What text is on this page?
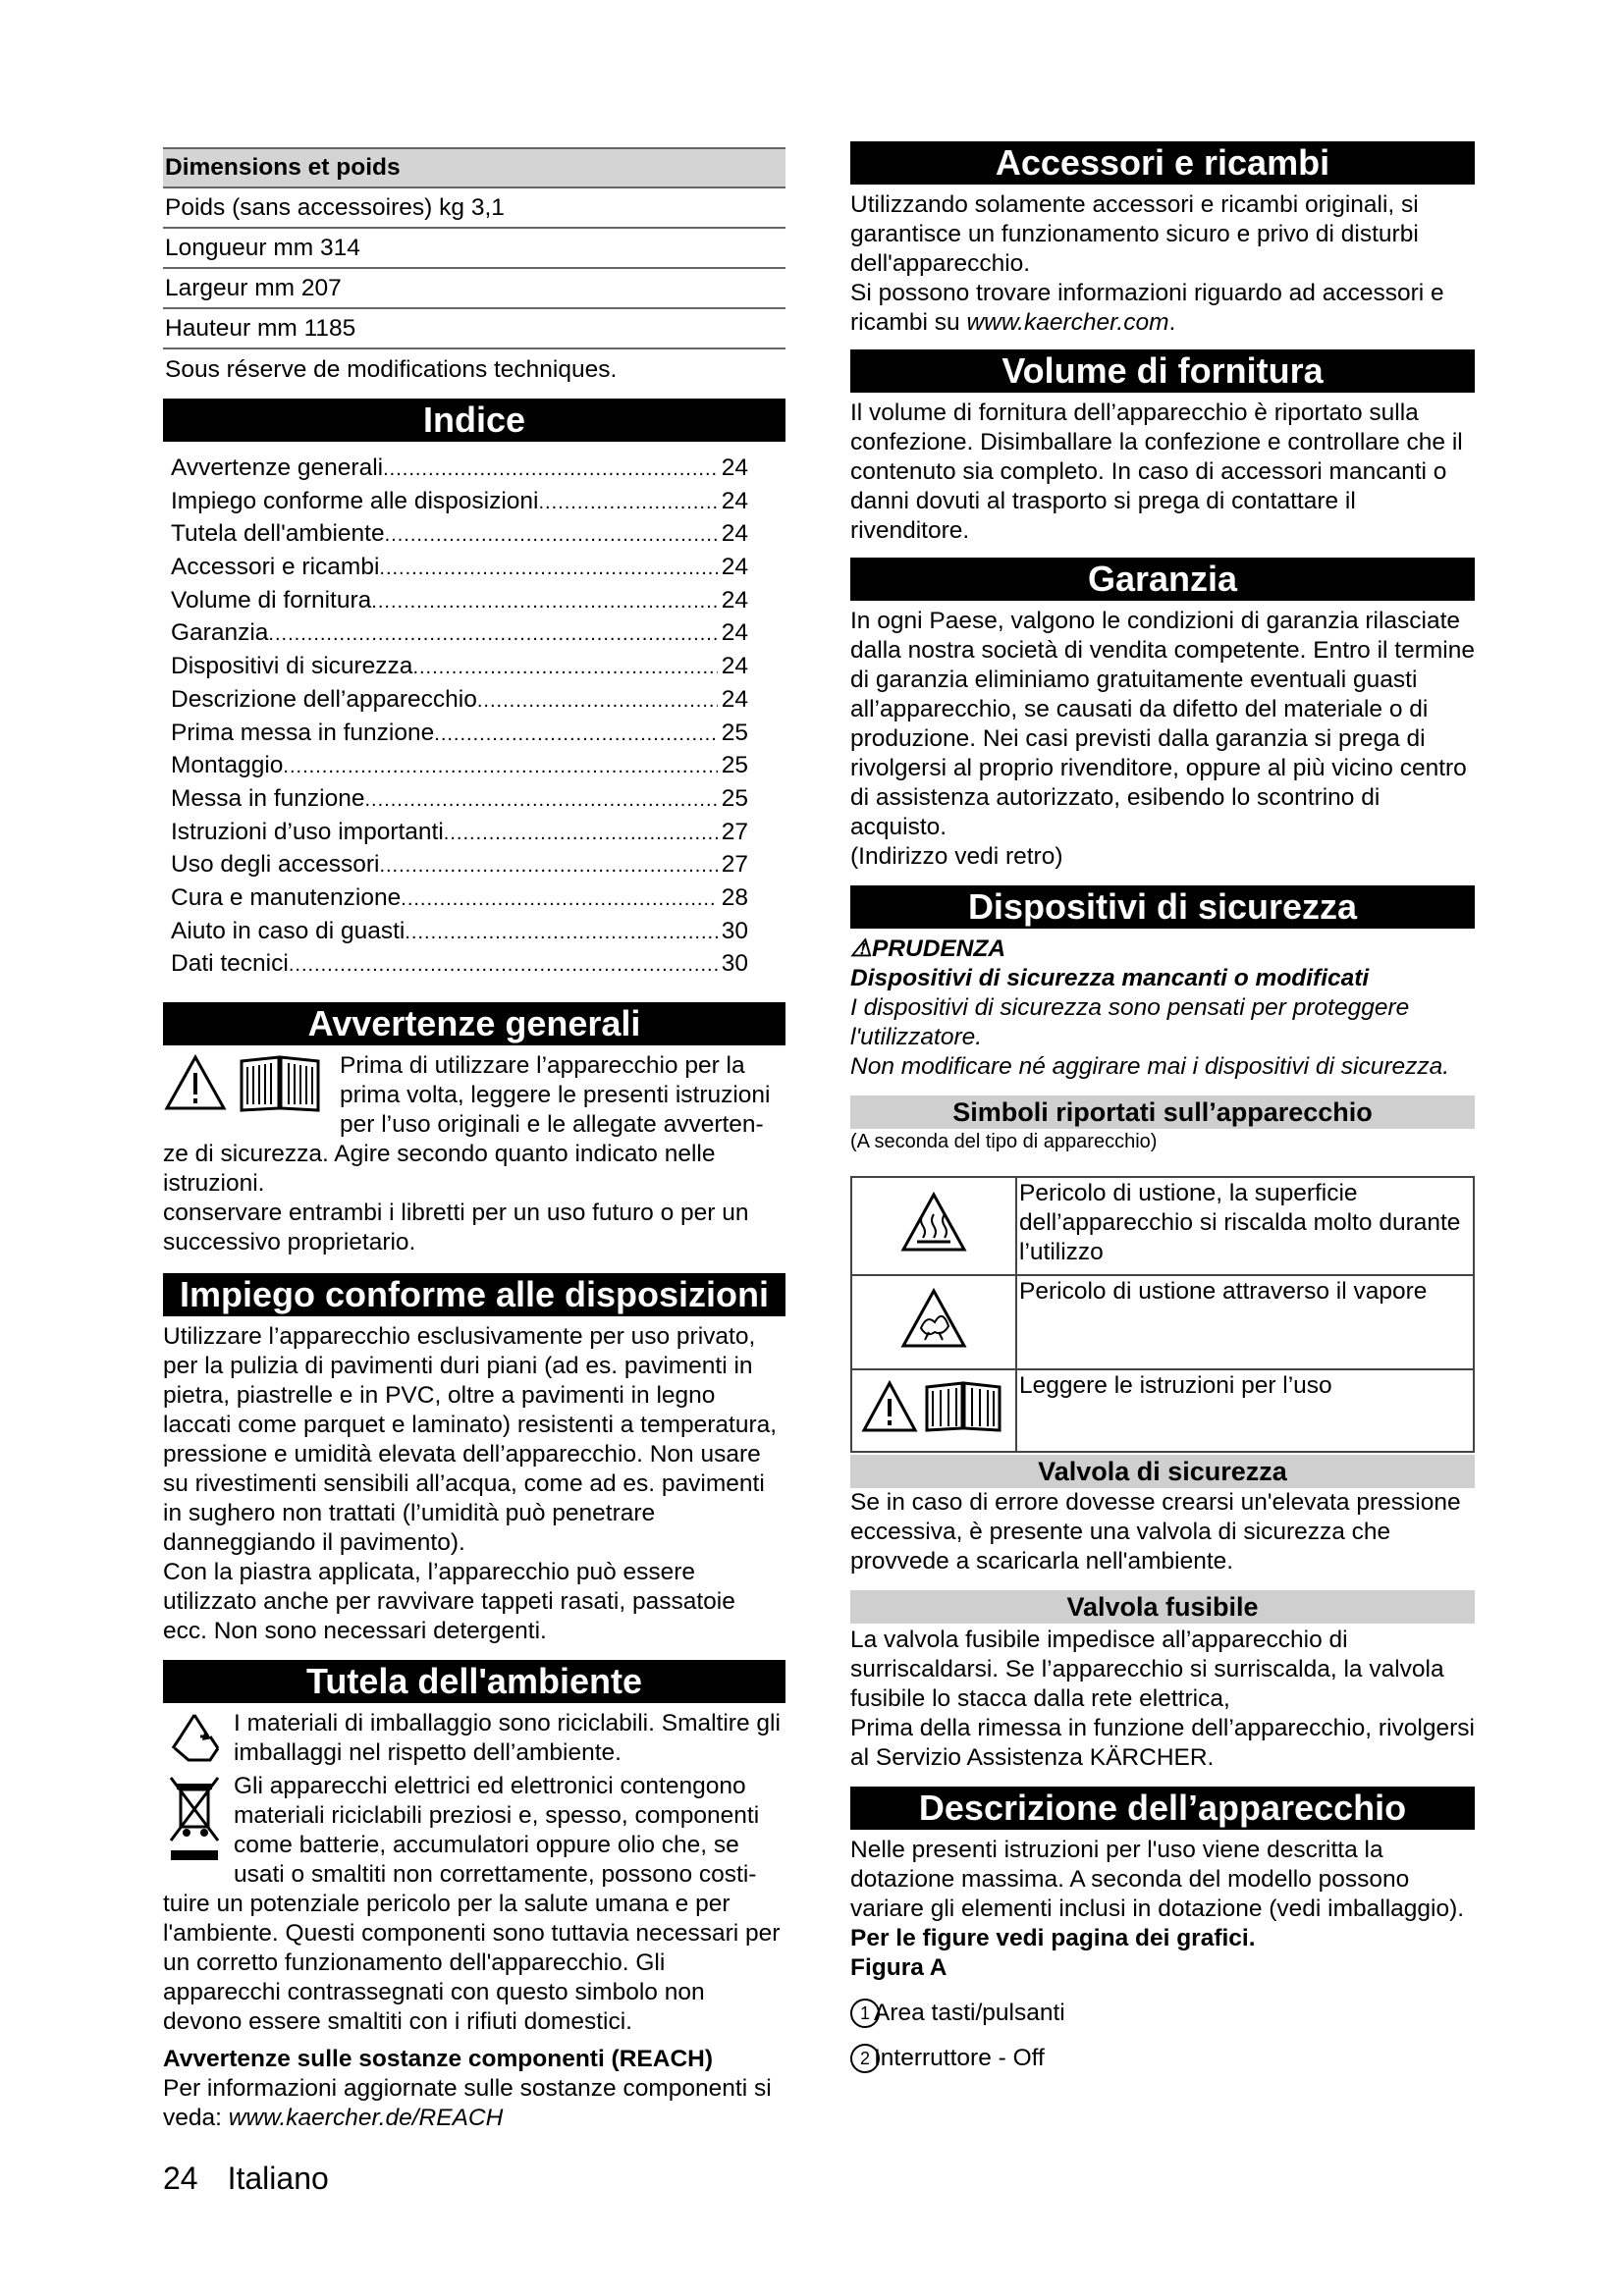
Dimensions et poids
Poids (sans accessoires) kg 3,1
Longueur mm 314
Largeur mm 207
Hauteur mm 1185
Sous réserve de modifications techniques.
Indice
Avvertenze generali .....	24
Impiego conforme alle disposizioni .....	24
Tutela dell'ambiente .....	24
Accessori e ricambi .....	24
Volume di fornitura .....	24
Garanzia .....	24
Dispositivi di sicurezza .....	24
Descrizione dell’apparecchio .....	24
Prima messa in funzione .....	25
Montaggio .....	25
Messa in funzione .....	25
Istruzioni d’uso importanti .....	27
Uso degli accessori .....	27
Cura e manutenzione .....	28
Aiuto in caso di guasti .....	30
Dati tecnici .....	30
Avvertenze generali

Prima di utilizzare l’apparecchio per la

prima volta, leggere le presenti istruzioni

per l’uso originali e le allegate avverten-

ze di sicurezza. Agire secondo quanto indicato nelle istruzioni.

conservare entrambi i libretti per un uso futuro o per un successivo proprietario.

Impiego conforme alle disposizioni

Utilizzare l’apparecchio esclusivamente per uso privato, per la pulizia di pavimenti duri piani (ad es. pavimenti in pietra, piastrelle e in PVC, oltre a pavimenti in legno laccati come parquet e laminato) resistenti a temperatura, pressione e umidità elevata dell’apparecchio. Non usare su rivestimenti sensibili all’acqua, come ad es. pavimenti in sughero non trattati (l’umidità può penetrare danneggiando il pavimento).

Con la piastra applicata, l’apparecchio può essere utilizzato anche per ravvivare tappeti rasati, passatoie ecc. Non sono necessari detergenti.

Tutela dell'ambiente

I materiali di imballaggio sono riciclabili. Smaltire gli imballaggi nel rispetto dell’ambiente.

Gli apparecchi elettrici ed elettronici contengono

materiali riciclabili preziosi e, spesso, componenti

come batterie, accumulatori oppure olio che, se

usati o smaltiti non correttamente, possono costi-

tuire un potenziale pericolo per la salute umana e per l'ambiente. Questi componenti sono tuttavia necessari per un corretto funzionamento dell'apparecchio. Gli apparecchi contrassegnati con questo simbolo non devono essere smaltiti con i rifiuti domestici.

Avvertenze sulle sostanze componenti (REACH)

Per informazioni aggiornate sulle sostanze componenti si veda: www.kaercher.de/REACH

Accessori e ricambi

Utilizzando solamente accessori e ricambi originali, si garantisce un funzionamento sicuro e privo di disturbi dell'apparecchio.

Si possono trovare informazioni riguardo ad accessori e ricambi su www.kaercher.com.

Volume di fornitura

Il volume di fornitura dell’apparecchio è riportato sulla confezione. Disimballare la confezione e controllare che il contenuto sia completo. In caso di accessori mancanti o danni dovuti al trasporto si prega di contattare il rivenditore.

Garanzia

In ogni Paese, valgono le condizioni di garanzia rilasciate dalla nostra società di vendita competente. Entro il termine di garanzia eliminiamo gratuitamente eventuali guasti all’apparecchio, se causati da difetto del materiale o di produzione. Nei casi previsti dalla garanzia si prega di rivolgersi al proprio rivenditore, oppure al più vicino centro di assistenza autorizzato, esibendo lo scontrino di acquisto.

(Indirizzo vedi retro)

Dispositivi di sicurezza

⚠PRUDENZA

Dispositivi di sicurezza mancanti o modificati

I dispositivi di sicurezza sono pensati per proteggere l'utilizzatore.

Non modificare né aggirare mai i dispositivi di sicurezza.

Simboli riportati sull’apparecchio

(A seconda del tipo di apparecchio)

	Pericolo di ustione, la superficie dell’apparecchio si riscalda molto durante l’utilizzo
	Pericolo di ustione attraverso il vapore
	Leggere le istruzioni per l’uso
Valvola di sicurezza

Se in caso di errore dovesse crearsi un'elevata pressione eccessiva, è presente una valvola di sicurezza che provvede a scaricarla nell'ambiente.

Valvola fusibile

La valvola fusibile impedisce all’apparecchio di surriscaldarsi. Se l’apparecchio si surriscalda, la valvola fusibile lo stacca dalla rete elettrica,

Prima della rimessa in funzione dell’apparecchio, rivolgersi al Servizio Assistenza KÄRCHER.

Descrizione dell’apparecchio

Nelle presenti istruzioni per l'uso viene descritta la dotazione massima. A seconda del modello possono variare gli elementi inclusi in dotazione (vedi imballaggio).

Per le figure vedi pagina dei grafici.

Figura A

1 Area tasti/pulsanti
2 Interruttore - Off
24 Italiano
